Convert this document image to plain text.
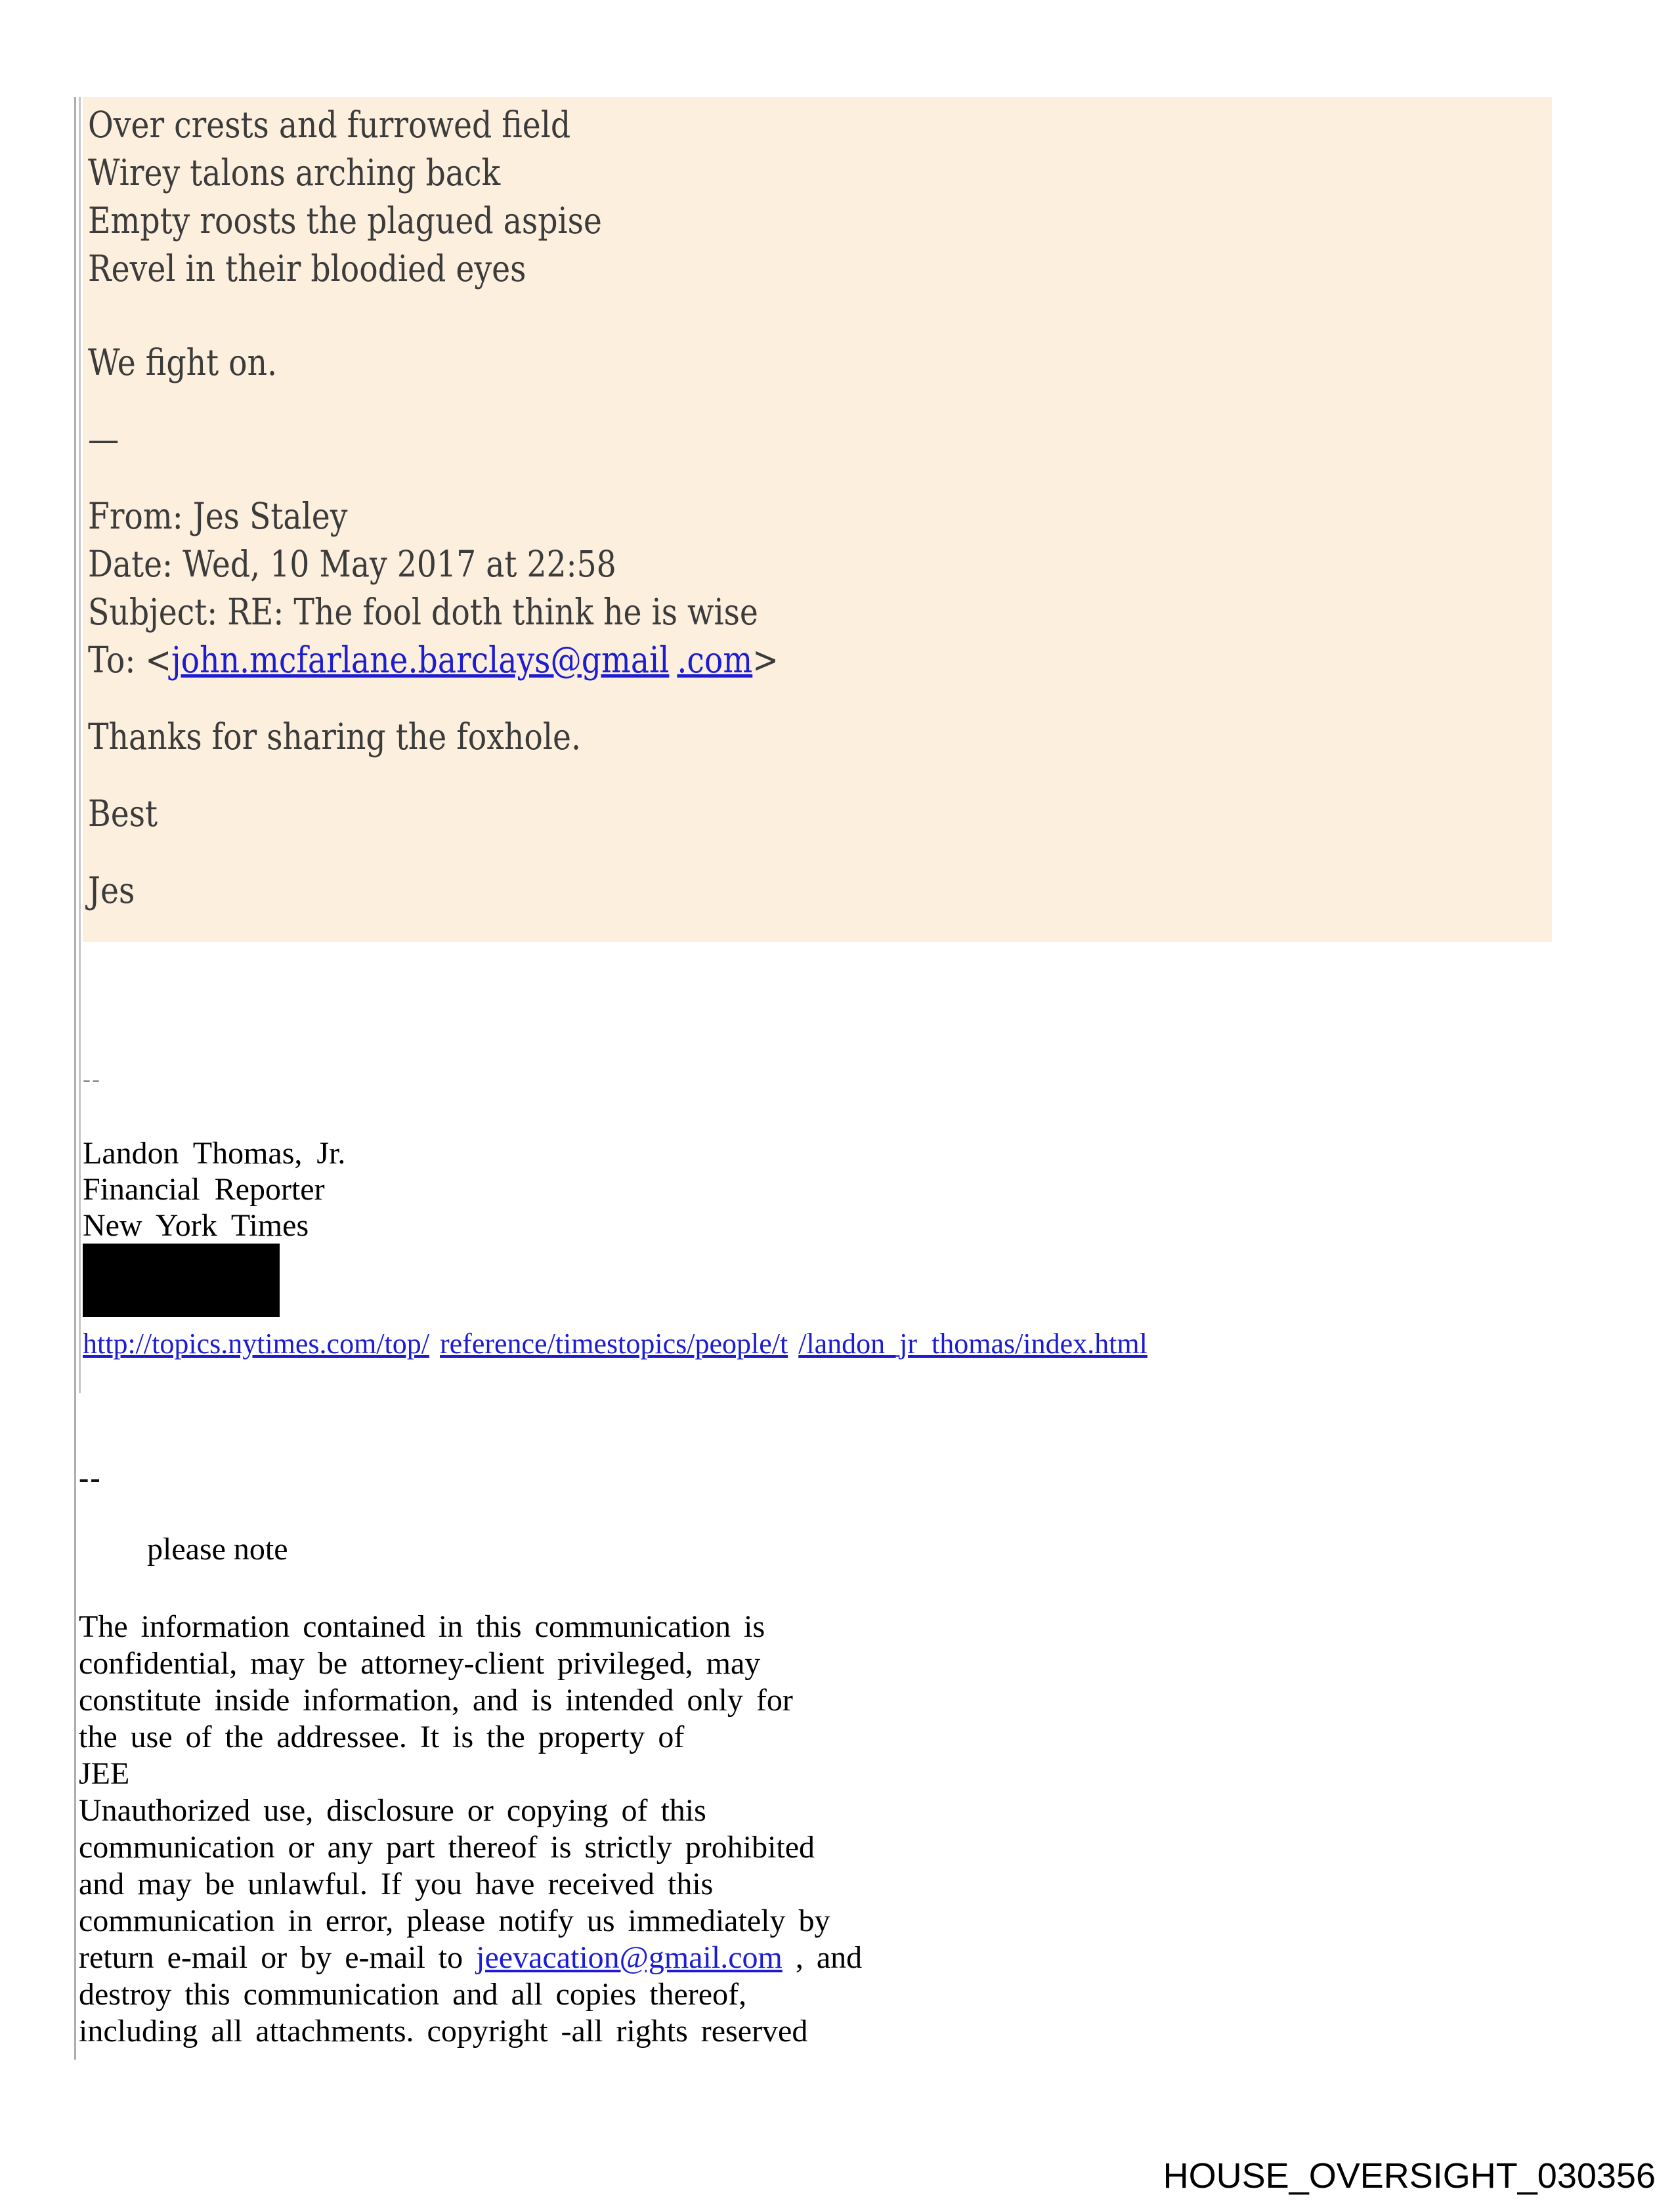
Over crests and furrowed field
Wirey talons arching back
Empty roosts the plagued aspise
Revel in their bloodied eyes
We fight on.
—
From: Jes Staley
Date: Wed, 10 May 2017 at 22:58
Subject: RE: The fool doth think he is wise
To: <john.mcfarlane.barclays@gmail .com>
Thanks for sharing the foxhole.
Best
Jes
--
Landon Thomas, Jr.
Financial Reporter
New York Times
http://topics.nytimes.com/top/ reference/timestopics/people/t /landon_jr_thomas/index.html
--
please note
The information contained in this communication is
confidential, may be attorney-client privileged, may
constitute inside information, and is intended only for
the use of the addressee. It is the property of
JEE
Unauthorized use, disclosure or copying of this
communication or any part thereof is strictly prohibited
and may be unlawful. If you have received this
communication in error, please notify us immediately by
return e-mail or by e-mail to jeevacation@gmail.com , and
destroy this communication and all copies thereof,
including all attachments. copyright -all rights reserved
HOUSE_OVERSIGHT_030356
